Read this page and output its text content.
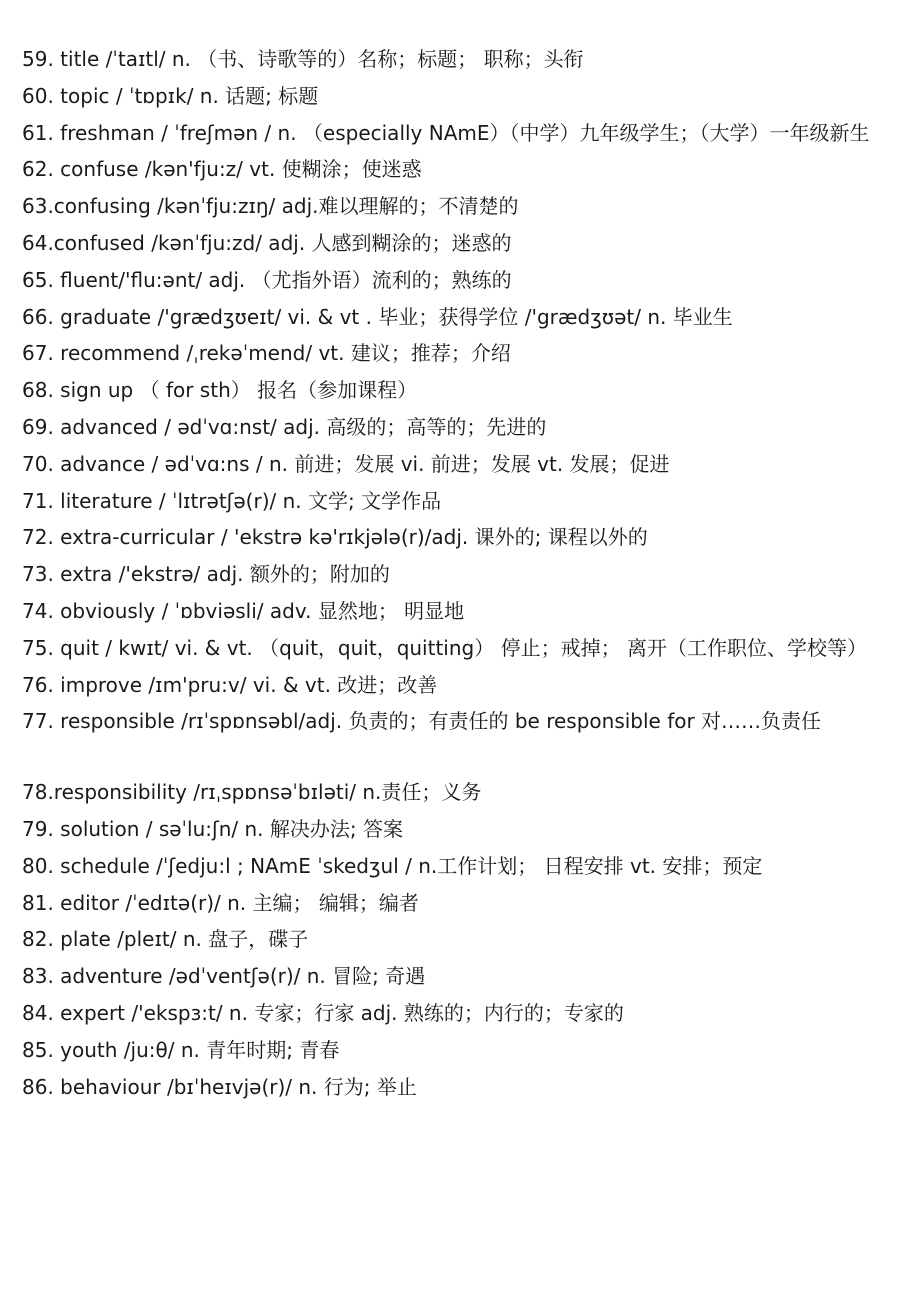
59. title /ˈtaɪtl/ n. （书、诗歌等的）名称；标题； 职称；头衔
60. topic / ˈtɒpɪk/ n. 话题; 标题
61. freshman / ˈfreʃmən / n. （especially NAmE）（中学）九年级学生；（大学）一年级新生
62. confuse /kən'fju:z/ vt. 使糊涂；使迷惑
63.confusing /kənˈfju:zɪŋ/ adj.难以理解的；不清楚的
64.confused /kənˈfju:zd/ adj. 人感到糊涂的；迷惑的
65. fluent/'flu:ənt/ adj. （尤指外语）流利的；熟练的
66. graduate /'grædʒʊeɪt/ vi. & vt . 毕业；获得学位 /'grædʒʊət/ n. 毕业生
67. recommend /ˌrekəˈmend/ vt. 建议；推荐；介绍
68. sign up （ for sth） 报名（参加课程）
69. advanced / ədˈvɑ:nst/ adj. 高级的；高等的；先进的
70. advance / ədˈvɑ:ns / n. 前进；发展 vi. 前进；发展 vt. 发展；促进
71. literature / ˈlɪtrətʃə(r)/ n. 文学; 文学作品
72. extra-curricular / 'ekstrə kə'rɪkjələ(r)/adj. 课外的; 课程以外的
73. extra /'ekstrə/ adj. 额外的；附加的
74. obviously / ˈɒbviəsli/ adv. 显然地； 明显地
75. quit / kwɪt/ vi. & vt. （quit，quit，quitting） 停止；戒掉； 离开（工作职位、学校等）
76. improve /ɪm'pru:v/ vi. & vt. 改进；改善
77. responsible /rɪˈspɒnsəbl/adj. 负责的；有责任的 be responsible for 对……负责任
78.responsibility /rɪˌspɒnsəˈbɪləti/ n.责任；义务
79. solution / səˈlu:ʃn/ n. 解决办法; 答案
80. schedule /ˈʃedju:l ; NAmE ˈskedʒul / n.工作计划； 日程安排 vt. 安排；预定
81. editor /ˈedɪtə(r)/ n. 主编； 编辑；编者
82. plate /pleɪt/ n. 盘子，碟子
83. adventure /ədˈventʃə(r)/ n. 冒险; 奇遇
84. expert /'ekspɜ:t/ n. 专家；行家 adj. 熟练的；内行的；专家的
85. youth /ju:θ/ n. 青年时期; 青春
86. behaviour /bɪˈheɪvjə(r)/ n. 行为; 举止
